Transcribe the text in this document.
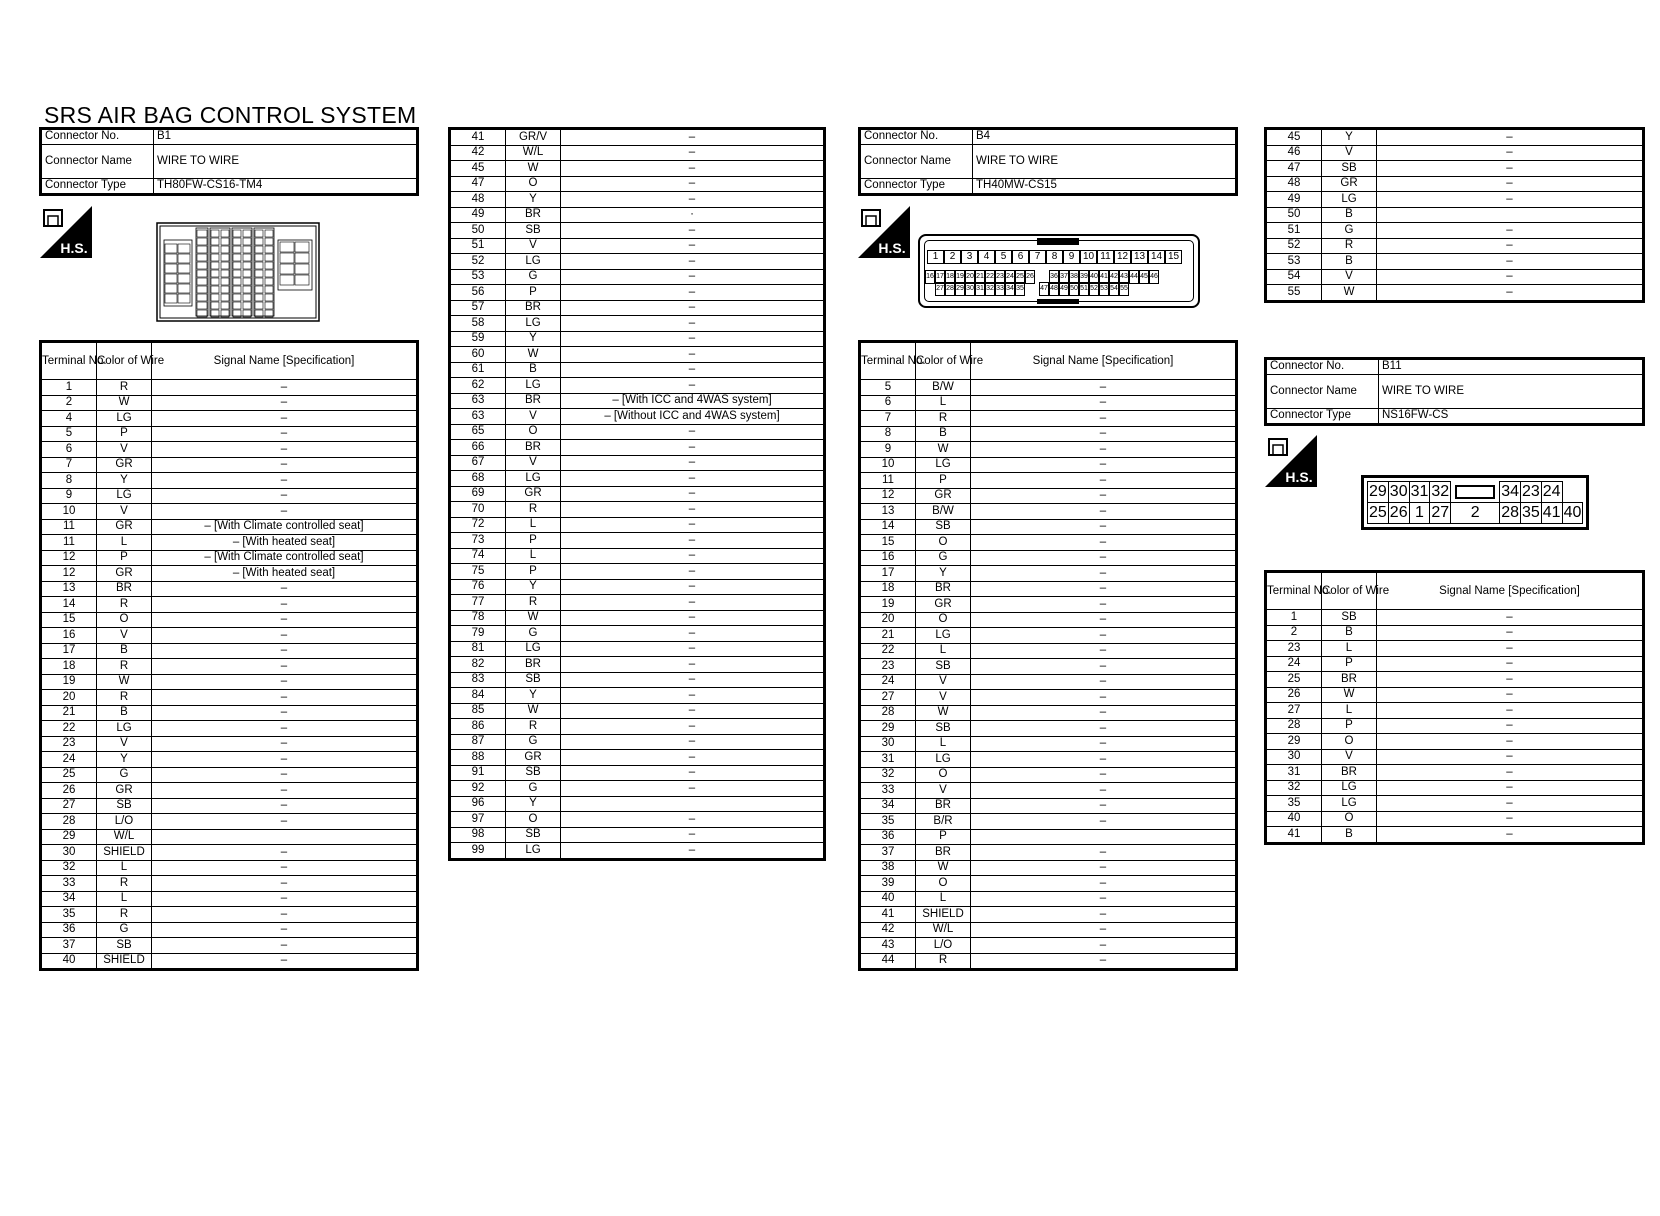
SRS AIR BAG CONTROL SYSTEM
Connector No.	B1
Connector Name	WIRE TO WIRE
Connector Type	TH80FW-CS16-TM4
Connector No.	B4
Connector Name	WIRE TO WIRE
Connector Type	TH40MW-CS15
Connector No.	B11
Connector Name	WIRE TO WIRE
Connector Type	NS16FW-CS
H.S.	H.S.
H.S.
1	2	3	4	5	6	7	8	9 10 11 12 13 14 15
16 17 18 19 20 21 22 23 24 25 26 36 37 38 39 40 41 42 43 44 45 46
27 28 29 30 31 32 33 34 35 47 48 49 50 51 52 53 54 55
29	30	31	32		34	23	24	
25	26	1	27	2	28	35	41	40
Terminal No.	Color of Wire	Signal Name [Specification]
1	R	–
2	W	–
4	LG	–
5	P	–
6	V	–
7	GR	–
8	Y	–
9	LG	–
10	V	–
11	GR	– [With Climate controlled seat]
11	L	– [With heated seat]
12	P	– [With Climate controlled seat]
12	GR	– [With heated seat]
13	BR	–
14	R	–
15	O	–
16	V	–
17	B	–
18	R	–
19	W	–
20	R	–
21	B	–
22	LG	–
23	V	–
24	Y	–
25	G	–
26	GR	–
27	SB	–
28	L/O	–
29	W/L	
30	SHIELD	–
32	L	–
33	R	–
34	L	–
35	R	–
36	G	–
37	SB	–
40	SHIELD	–
41	GR/V	–
42	W/L	–
45	W	–
47	O	–
48	Y	–
49	BR	·
50	SB	–
51	V	–
52	LG	–
53	G	–
56	P	–
57	BR	–
58	LG	–
59	Y	–
60	W	–
61	B	–
62	LG	–
63	BR	– [With ICC and 4WAS system]
63	V	– [Without ICC and 4WAS system]
65	O	–
66	BR	–
67	V	–
68	LG	–
69	GR	–
70	R	–
72	L	–
73	P	–
74	L	–
75	P	–
76	Y	–
77	R	–
78	W	–
79	G	–
81	LG	–
82	BR	–
83	SB	–
84	Y	–
85	W	–
86	R	–
87	G	–
88	GR	–
91	SB	–
92	G	–
96	Y	
97	O	–
98	SB	–
99	LG	–
Terminal No.	Color of Wire	Signal Name [Specification]
5	B/W	–
6	L	–
7	R	–
8	B	–
9	W	–
10	LG	–
11	P	–
12	GR	–
13	B/W	–
14	SB	–
15	O	–
16	G	–
17	Y	–
18	BR	–
19	GR	–
20	O	–
21	LG	–
22	L	–
23	SB	–
24	V	–
27	V	–
28	W	–
29	SB	–
30	L	–
31	LG	–
32	O	–
33	V	–
34	BR	–
35	B/R	–
36	P	
37	BR	–
38	W	–
39	O	–
40	L	–
41	SHIELD	–
42	W/L	–
43	L/O	–
44	R	–
45	Y	–
46	V	–
47	SB	–
48	GR	–
49	LG	–
50	B	
51	G	–
52	R	–
53	B	–
54	V	–
55	W	–
Terminal No.	Color of Wire	Signal Name [Specification]
1	SB	–
2	B	–
23	L	–
24	P	–
25	BR	–
26	W	–
27	L	–
28	P	–
29	O	–
30	V	–
31	BR	–
32	LG	–
35	LG	–
40	O	–
41	B	–
